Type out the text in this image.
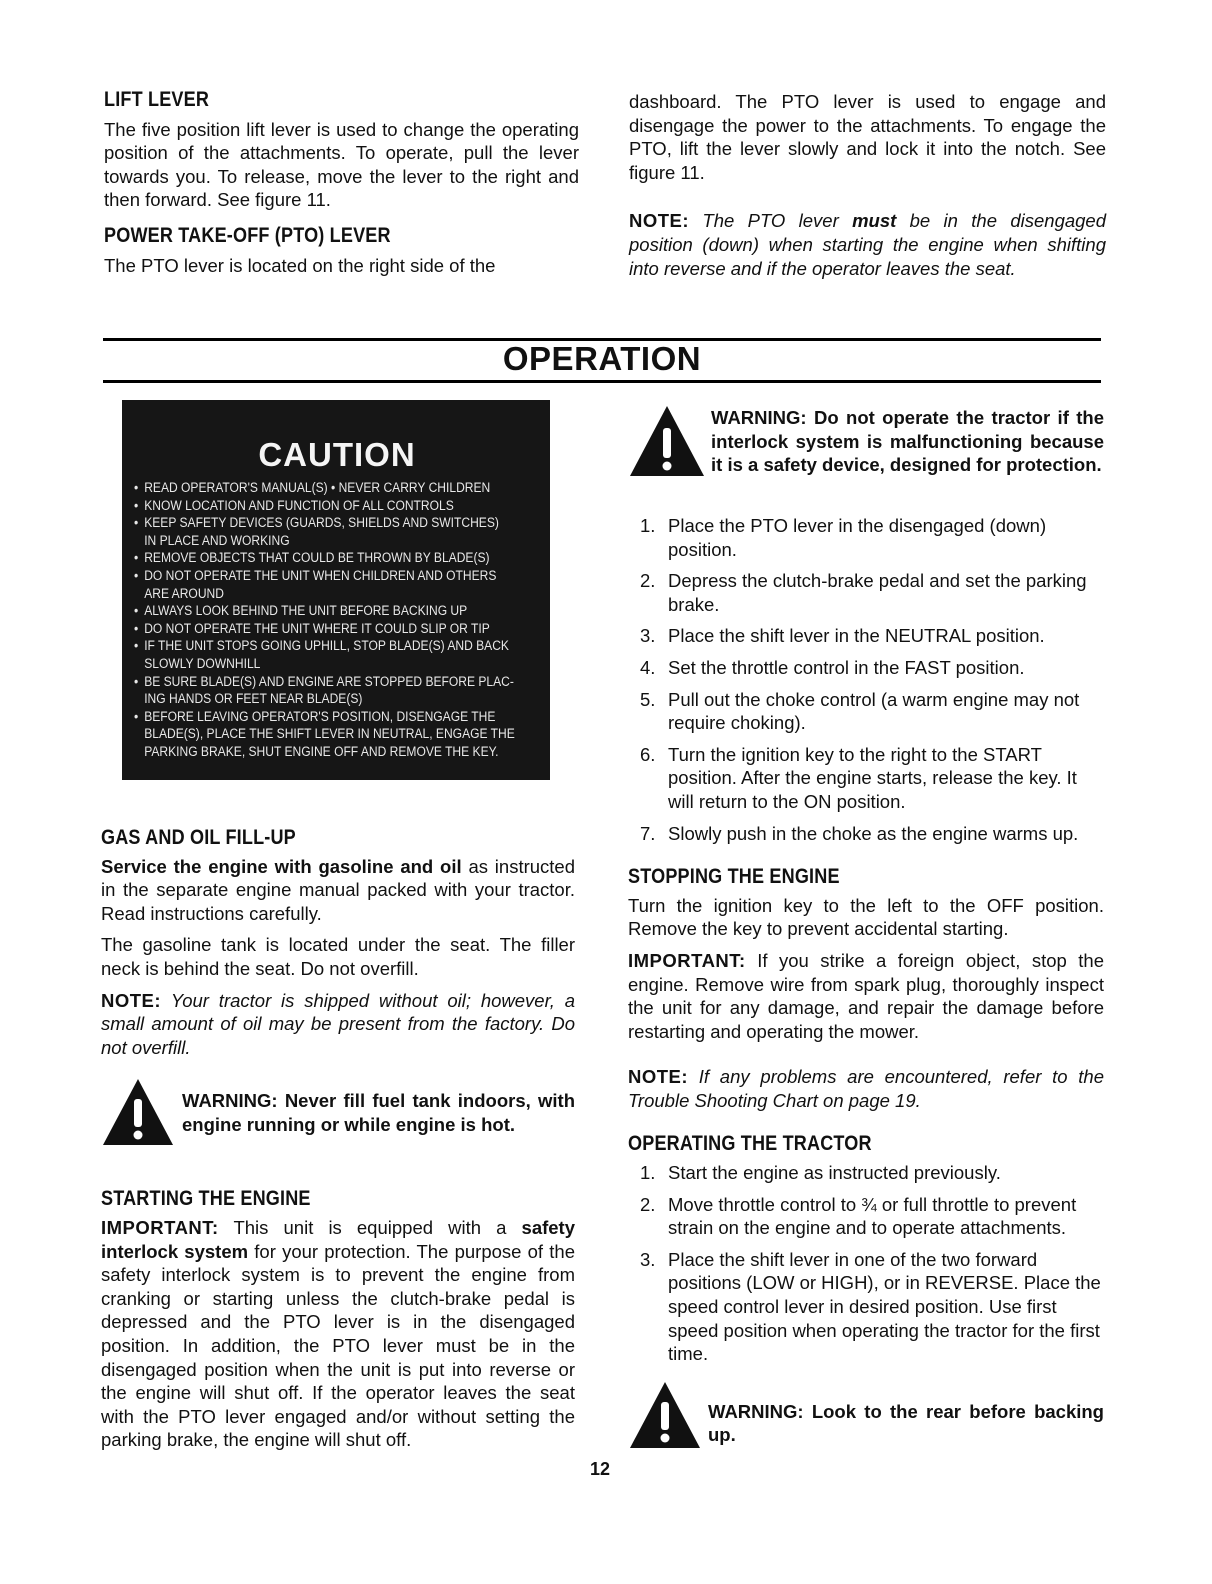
LIFT LEVER

The five position lift lever is used to change the operating position of the attachments. To operate, pull the lever towards you. To release, move the lever to the right and then forward. See figure 11.

POWER TAKE-OFF (PTO) LEVER

The PTO lever is located on the right side of the

dashboard. The PTO lever is used to engage and disengage the power to the attachments. To engage the PTO, lift the lever slowly and lock it into the notch. See figure 11.

NOTE: The PTO lever must be in the disengaged position (down) when starting the engine when shifting into reverse and if the operator leaves the seat.

OPERATION
CAUTION
• READ OPERATOR'S MANUAL(S) • NEVER CARRY CHILDREN
• KNOW LOCATION AND FUNCTION OF ALL CONTROLS
• KEEP SAFETY DEVICES (GUARDS, SHIELDS AND SWITCHES)
IN PLACE AND WORKING
• REMOVE OBJECTS THAT COULD BE THROWN BY BLADE(S)
• DO NOT OPERATE THE UNIT WHEN CHILDREN AND OTHERS
ARE AROUND
• ALWAYS LOOK BEHIND THE UNIT BEFORE BACKING UP
• DO NOT OPERATE THE UNIT WHERE IT COULD SLIP OR TIP
• IF THE UNIT STOPS GOING UPHILL, STOP BLADE(S) AND BACK
SLOWLY DOWNHILL
• BE SURE BLADE(S) AND ENGINE ARE STOPPED BEFORE PLAC-
ING HANDS OR FEET NEAR BLADE(S)
• BEFORE LEAVING OPERATOR'S POSITION, DISENGAGE THE
BLADE(S), PLACE THE SHIFT LEVER IN NEUTRAL, ENGAGE THE
PARKING BRAKE, SHUT ENGINE OFF AND REMOVE THE KEY.
GAS AND OIL FILL-UP

Service the engine with gasoline and oil as instructed in the separate engine manual packed with your tractor. Read instructions carefully.

The gasoline tank is located under the seat. The filler neck is behind the seat. Do not overfill.

NOTE: Your tractor is shipped without oil; however, a small amount of oil may be present from the factory. Do not overfill.

WARNING: Never fill fuel tank indoors, with engine running or while engine is hot.
STARTING THE ENGINE

IMPORTANT: This unit is equipped with a safety interlock system for your protection. The purpose of the safety interlock system is to prevent the engine from cranking or starting unless the clutch-brake pedal is depressed and the PTO lever is in the disengaged position. In addition, the PTO lever must be in the disengaged position when the unit is put into reverse or the engine will shut off. If the operator leaves the seat with the PTO lever engaged and/or without setting the parking brake, the engine will shut off.

WARNING: Do not operate the tractor if the interlock system is malfunctioning because it is a safety device, designed for protection.
1. Place the PTO lever in the disengaged (down) position.
2. Depress the clutch-brake pedal and set the parking brake.
3. Place the shift lever in the NEUTRAL position.
4. Set the throttle control in the FAST position.
5. Pull out the choke control (a warm engine may not require choking).
6. Turn the ignition key to the right to the START position. After the engine starts, release the key. It will return to the ON position.
7. Slowly push in the choke as the engine warms up.
STOPPING THE ENGINE

Turn the ignition key to the left to the OFF position. Remove the key to prevent accidental starting.

IMPORTANT: If you strike a foreign object, stop the engine. Remove wire from spark plug, thoroughly inspect the unit for any damage, and repair the damage before restarting and operating the mower.

NOTE: If any problems are encountered, refer to the Trouble Shooting Chart on page 19.

OPERATING THE TRACTOR
1. Start the engine as instructed previously.
2. Move throttle control to ¾ or full throttle to prevent strain on the engine and to operate attachments.
3. Place the shift lever in one of the two forward positions (LOW or HIGH), or in REVERSE. Place the speed control lever in desired position. Use first speed position when operating the tractor for the first time.
WARNING: Look to the rear before backing up.
12
